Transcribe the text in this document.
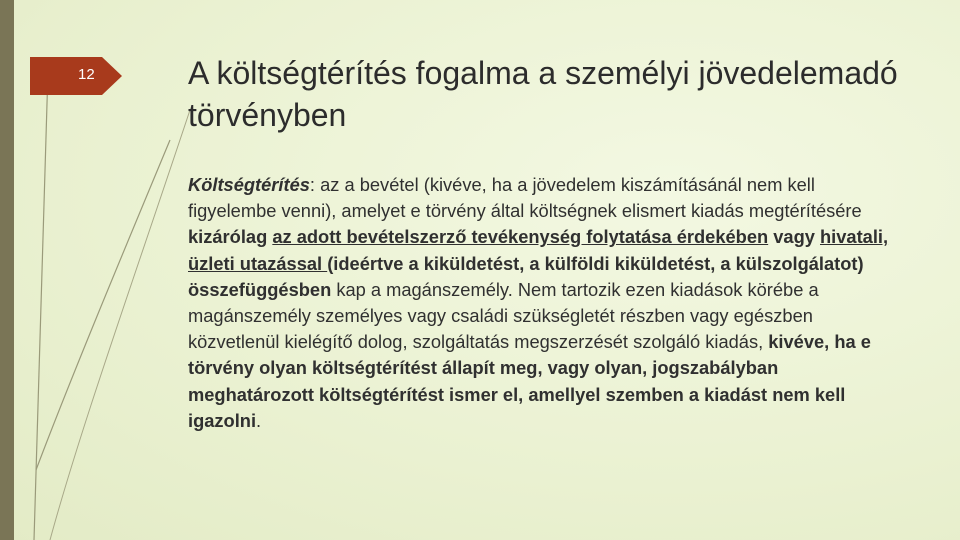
12	A költségtérítés fogalma a személyi jövedelemadó törvényben

Költségtérítés: az a bevétel (kivéve, ha a jövedelem kiszámításánál nem kell figyelembe venni), amelyet e törvény által költségnek elismert kiadás megtérítésére kizárólag az adott bevételszerző tevékenység folytatása érdekében vagy hivatali, üzleti utazással (ideértve a kiküldetést, a külföldi kiküldetést, a külszolgálatot) összefüggésben kap a magánszemély. Nem tartozik ezen kiadások körébe a magánszemély személyes vagy családi szükségletét részben vagy egészben közvetlenül kielégítő dolog, szolgáltatás megszerzését szolgáló kiadás, kivéve, ha e törvény olyan költségtérítést állapít meg, vagy olyan, jogszabályban meghatározott költségtérítést ismer el, amellyel szemben a kiadást nem kell igazolni.
